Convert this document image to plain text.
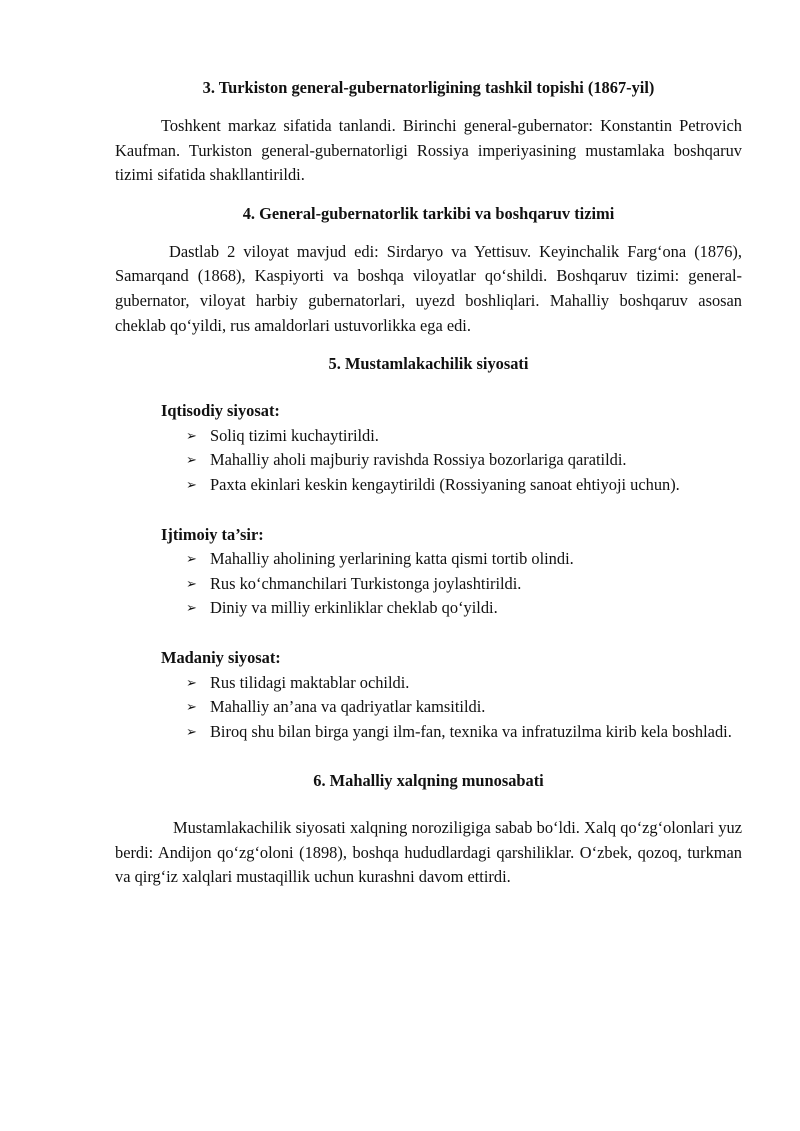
3. Turkiston general-gubernatorligining tashkil topishi (1867-yil)

Toshkent markaz sifatida tanlandi. Birinchi general-gubernator: Konstantin Petrovich Kaufman. Turkiston general-gubernatorligi Rossiya imperiyasining mustamlaka boshqaruv tizimi sifatida shakllantirildi.

4. General-gubernatorlik tarkibi va boshqaruv tizimi

Dastlab 2 viloyat mavjud edi: Sirdaryo va Yettisuv. Keyinchalik Farg‘ona (1876), Samarqand (1868), Kaspiyorti va boshqa viloyatlar qo‘shildi. Boshqaruv tizimi: general-gubernator, viloyat harbiy gubernatorlari, uyezd boshliqlari. Mahalliy boshqaruv asosan cheklab qo‘yildi, rus amaldorlari ustuvorlikka ega edi.

5. Mustamlakachilik siyosati

Iqtisodiy siyosat:

➢ Soliq tizimi kuchaytirildi.
➢ Mahalliy aholi majburiy ravishda Rossiya bozorlariga qaratildi.
➢ Paxta ekinlari keskin kengaytirildi (Rossiyaning sanoat ehtiyoji uchun).

Ijtimoiy ta’sir:

➢ Mahalliy aholining yerlarining katta qismi tortib olindi.
➢ Rus ko‘chmanchilari Turkistonga joylashtirildi.
➢ Diniy va milliy erkinliklar cheklab qo‘yildi.

Madaniy siyosat:

➢ Rus tilidagi maktablar ochildi.
➢ Mahalliy an’ana va qadriyatlar kamsitildi.
➢ Biroq shu bilan birga yangi ilm-fan, texnika va infratuzilma kirib kela boshladi.
6. Mahalliy xalqning munosabati

Mustamlakachilik siyosati xalqning noroziligiga sabab bo‘ldi. Xalq qo‘zg‘olonlari yuz berdi: Andijon qo‘zg‘oloni (1898), boshqa hududlardagi qarshiliklar. O‘zbek, qozoq, turkman va qirg‘iz xalqlari mustaqillik uchun kurashni davom ettirdi.
